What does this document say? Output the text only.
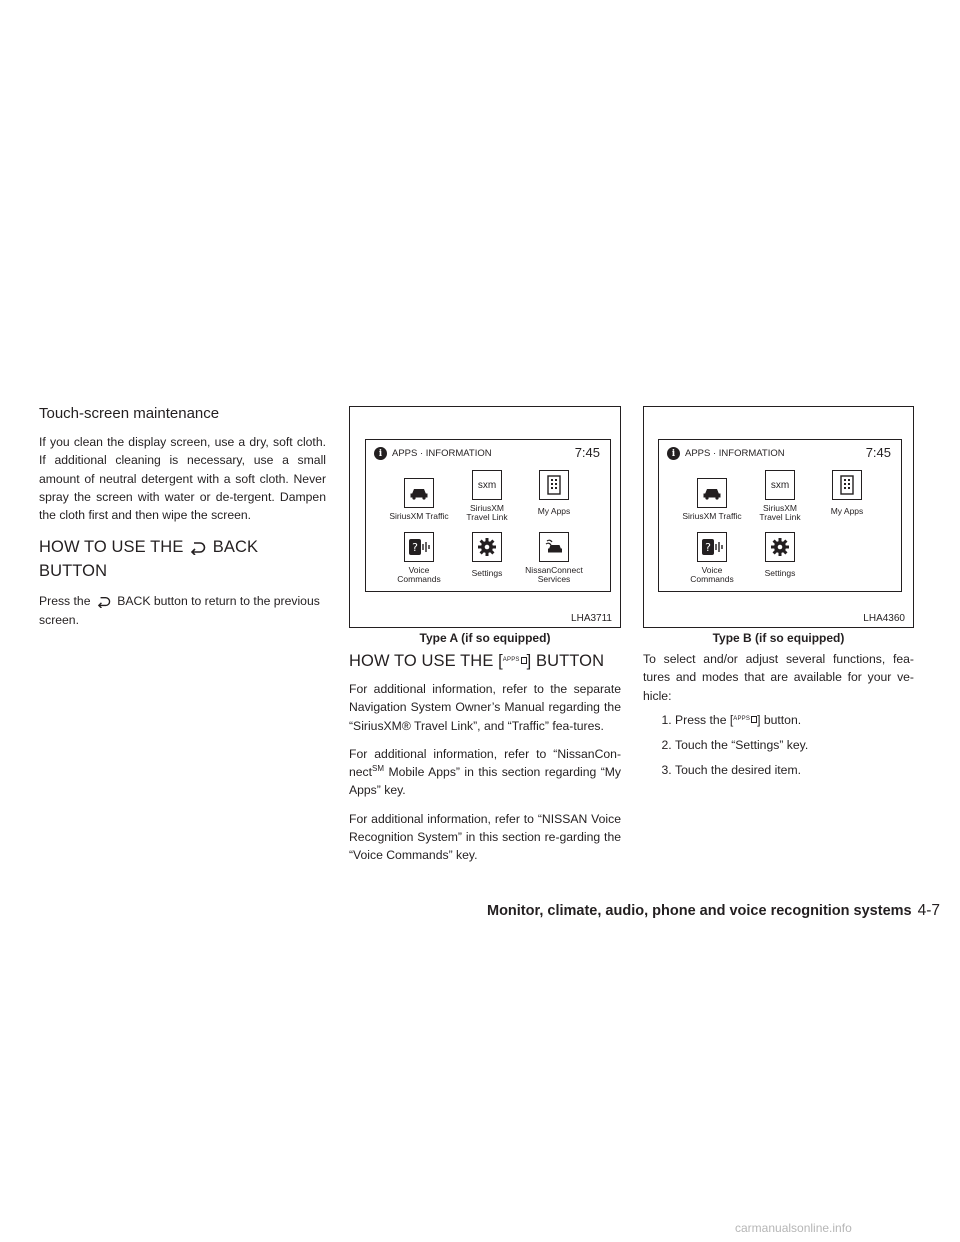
Touch-screen maintenance

If you clean the display screen, use a dry, soft cloth. If additional cleaning is necessary, use a small amount of neutral detergent with a soft cloth. Never spray the screen with water or de-tergent. Dampen the cloth first and then wipe the screen.

HOW TO USE THE BACK BUTTON

Press the BACK button to return to the previous screen.

i	APPS · INFORMATION	7:45
SiriusXM Traffic
sxm
SiriusXM
Travel Link
My Apps
?
Voice
Commands
Settings	NissanConnect
Services
LHA3711
Type A (if so equipped)
i	APPS · INFORMATION	7:45
SiriusXM Traffic
sxm
SiriusXM
Travel Link
My Apps
?
Voice
Commands
Settings
LHA4360
Type B (if so equipped)
HOW TO USE THE [ APPS ] BUTTON

For additional information, refer to the separate Navigation System Owner’s Manual regarding the “SiriusXM® Travel Link”, and “Traffic” fea-tures.

For additional information, refer to “NissanCon-nect℠ Mobile Apps” in this section regarding “My Apps” key.

For additional information, refer to “NISSAN Voice Recognition System” in this section re-garding the “Voice Commands” key.

To select and/or adjust several functions, fea-tures and modes that are available for your ve-hicle:

1. Press the [ APPS ] button.
2. Touch the “Settings” key.
3. Touch the desired item.
Monitor, climate, audio, phone and voice recognition systems 4-7
carmanualsonline.info
